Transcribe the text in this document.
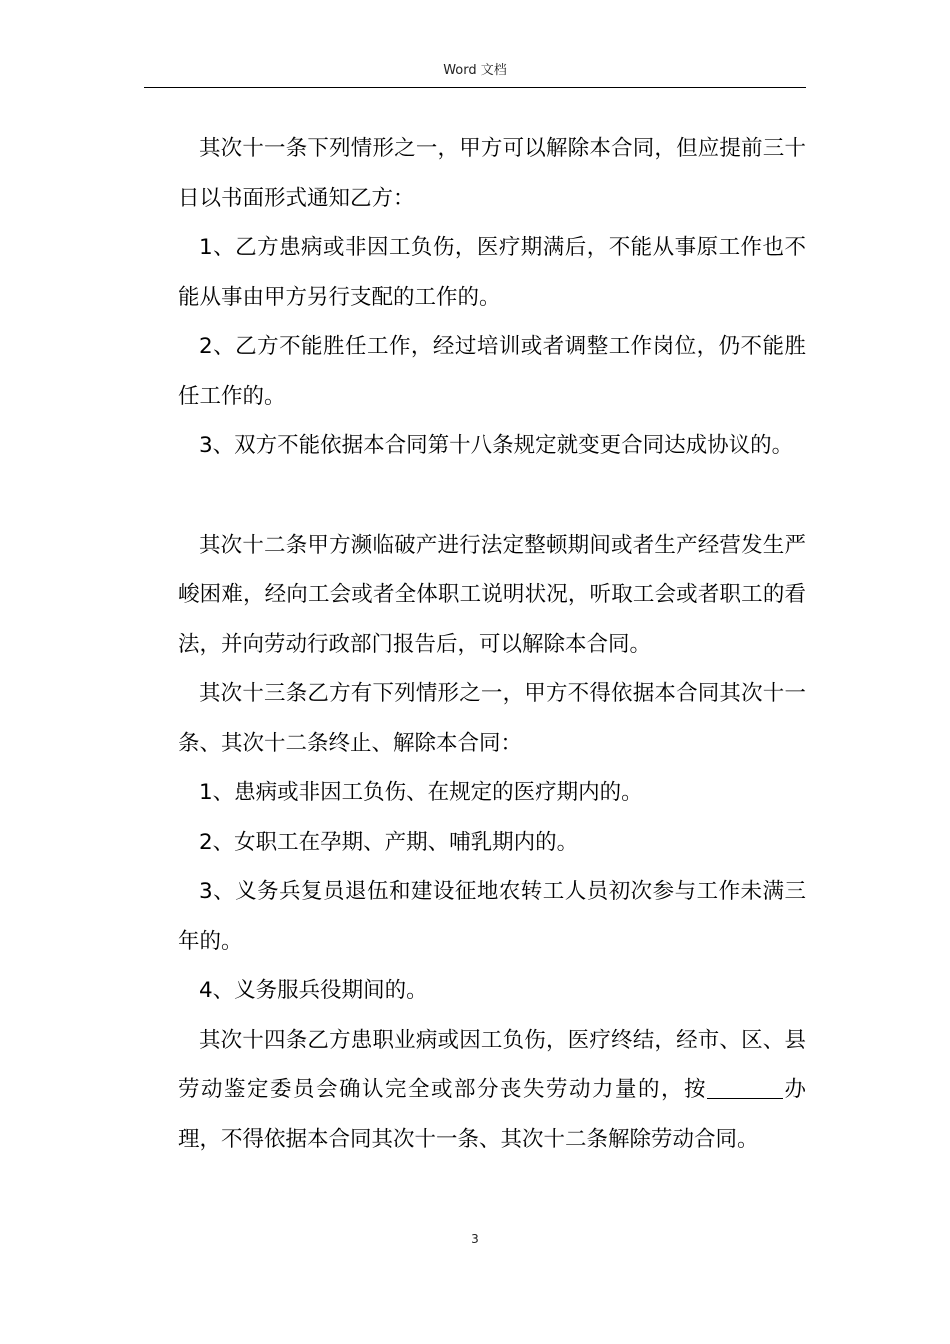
Word 文档

其次十一条下列情形之一，甲方可以解除本合同，但应提前三十日以书面形式通知乙方：

1、乙方患病或非因工负伤，医疗期满后，不能从事原工作也不能从事由甲方另行支配的工作的。

2、乙方不能胜任工作，经过培训或者调整工作岗位，仍不能胜任工作的。

3、双方不能依据本合同第十八条规定就变更合同达成协议的。

其次十二条甲方濒临破产进行法定整顿期间或者生产经营发生严峻困难，经向工会或者全体职工说明状况，听取工会或者职工的看法，并向劳动行政部门报告后，可以解除本合同。

其次十三条乙方有下列情形之一，甲方不得依据本合同其次十一条、其次十二条终止、解除本合同：

1、患病或非因工负伤、在规定的医疗期内的。

2、女职工在孕期、产期、哺乳期内的。

3、义务兵复员退伍和建设征地农转工人员初次参与工作未满三年的。

4、义务服兵役期间的。

其次十四条乙方患职业病或因工负伤，医疗终结，经市、区、县劳动鉴定委员会确认完全或部分丧失劳动力量的，按	办理，不得依据本合同其次十一条、其次十二条解除劳动合同。

3
